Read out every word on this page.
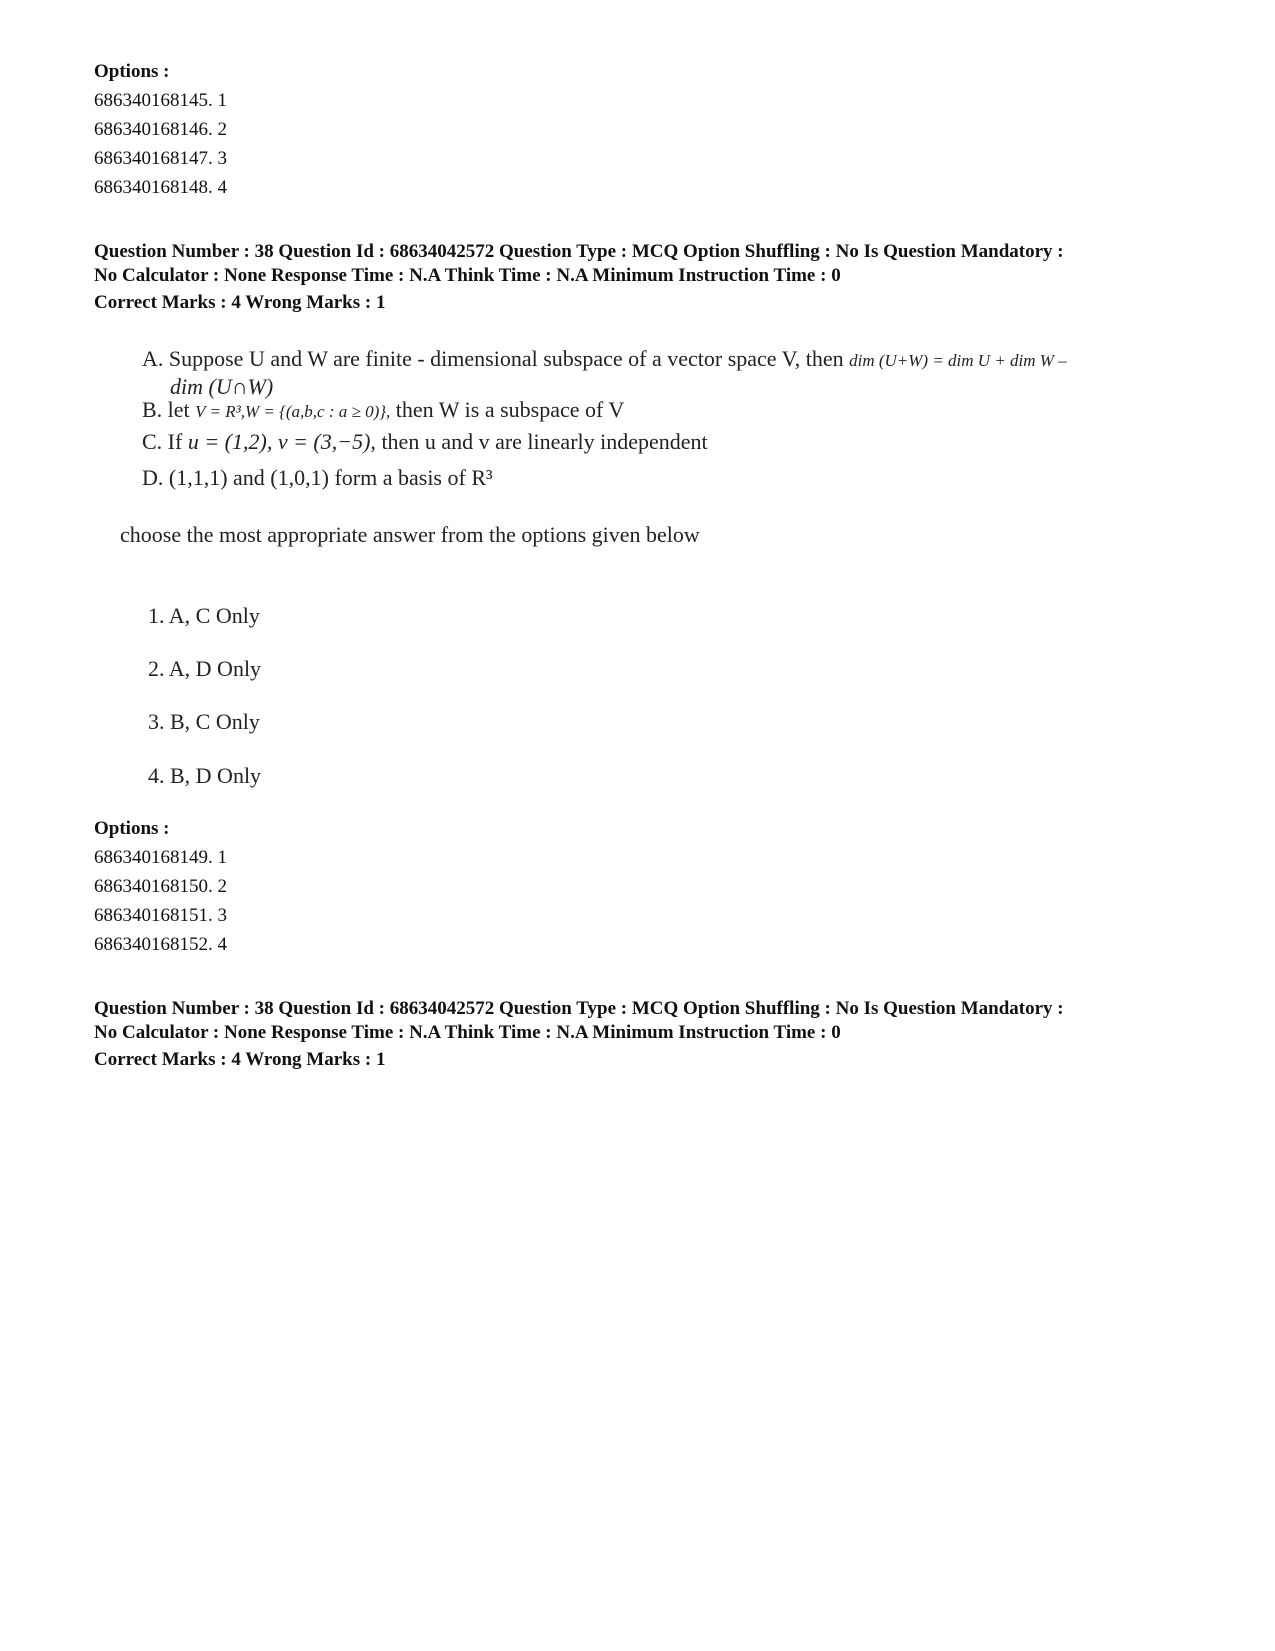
Options :

686340168145. 1

686340168146. 2

686340168147. 3

686340168148. 4

Question Number : 38 Question Id : 68634042572 Question Type : MCQ Option Shuffling : No Is Question Mandatory :

No Calculator : None Response Time : N.A Think Time : N.A Minimum Instruction Time : 0

Correct Marks : 4 Wrong Marks : 1

A. Suppose U and W are finite - dimensional subspace of a vector space V, then dim (U+W) = dim U + dim W –
dim (U∩W)
B. let V = R³,W = {(a,b,c : a ≥ 0)}, then W is a subspace of V
C. If u = (1,2), v = (3,−5), then u and v are linearly independent
D. (1,1,1) and (1,0,1) form a basis of R³
choose the most appropriate answer from the options given below
1. A, C Only
2. A, D Only
3. B, C Only
4. B, D Only

Options :

686340168149. 1

686340168150. 2

686340168151. 3

686340168152. 4

Question Number : 38 Question Id : 68634042572 Question Type : MCQ Option Shuffling : No Is Question Mandatory :

No Calculator : None Response Time : N.A Think Time : N.A Minimum Instruction Time : 0

Correct Marks : 4 Wrong Marks : 1
